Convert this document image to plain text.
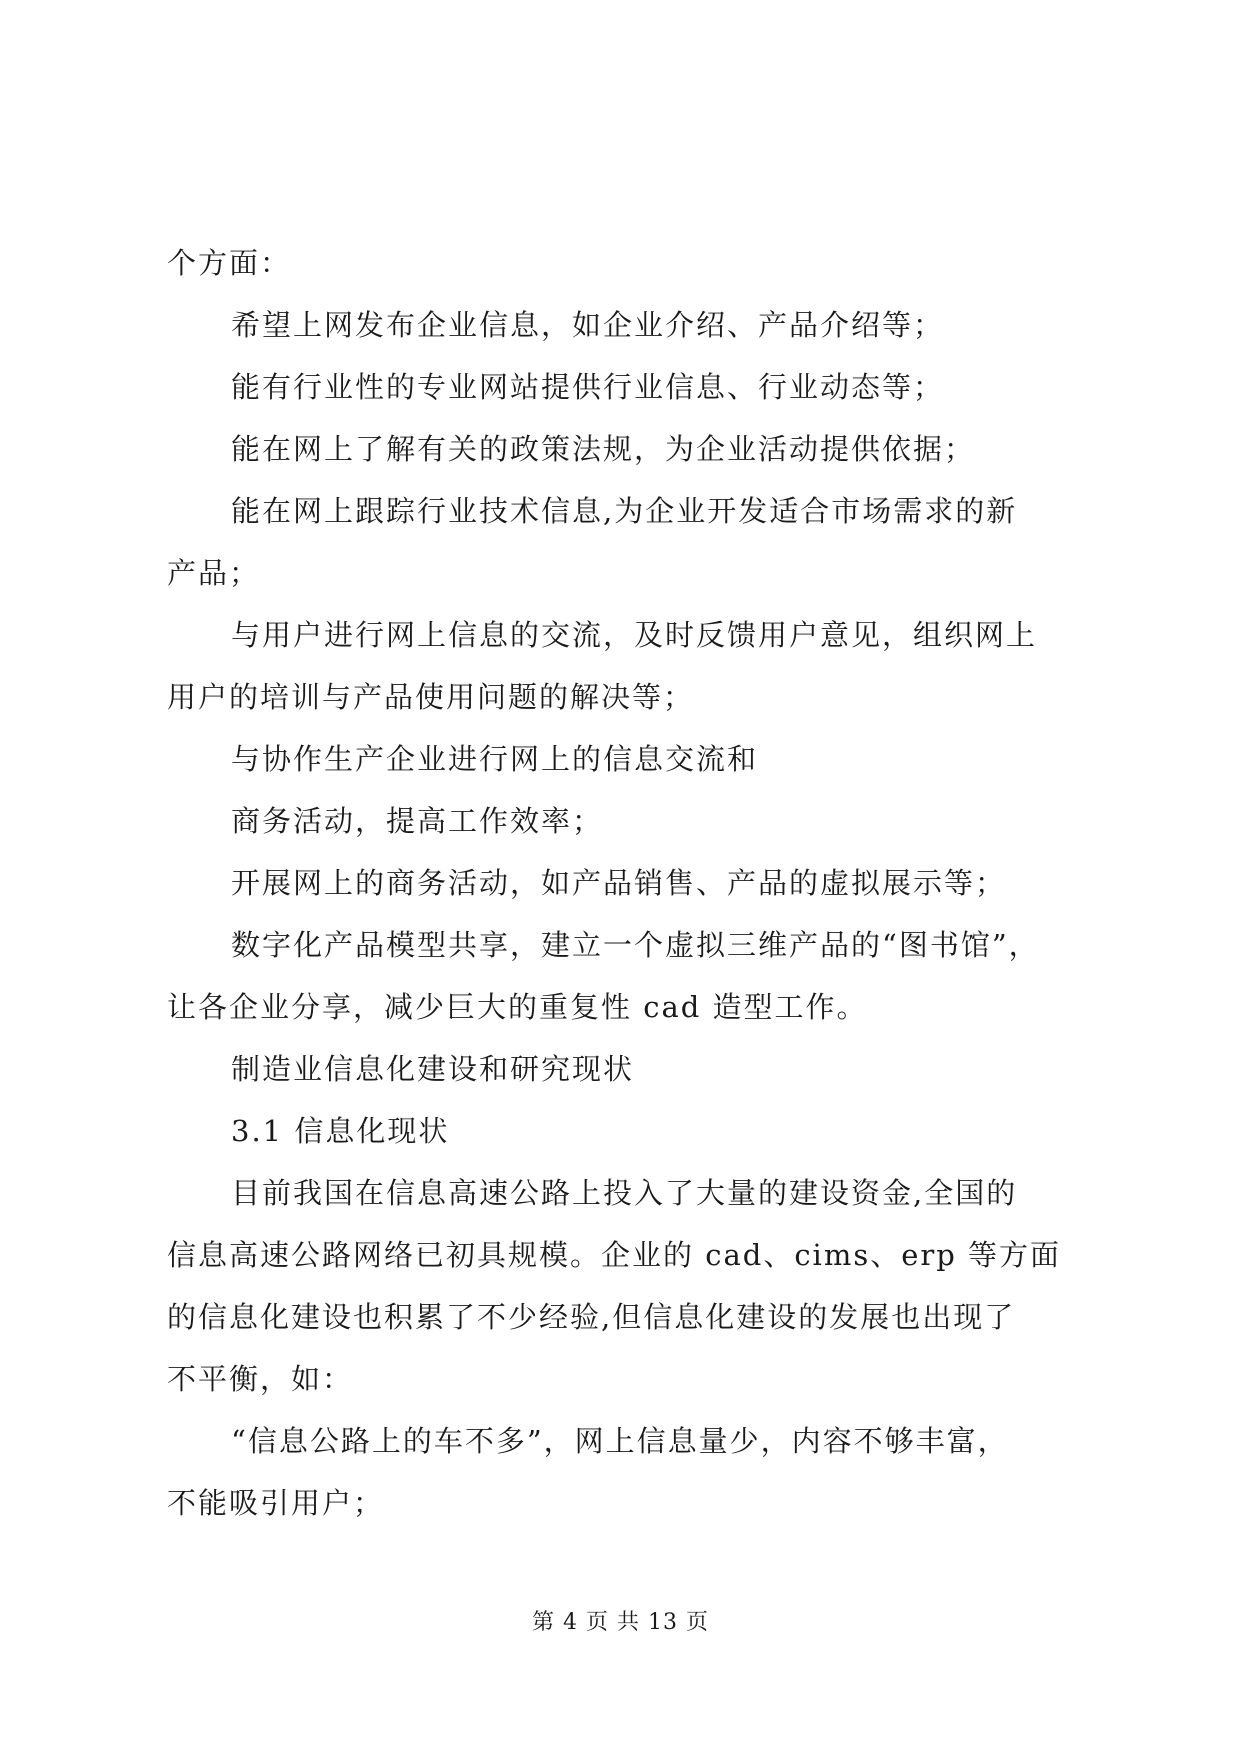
个方面：
希望上网发布企业信息，如企业介绍、产品介绍等；
能有行业性的专业网站提供行业信息、行业动态等；
能在网上了解有关的政策法规，为企业活动提供依据；
能在网上跟踪行业技术信息,为企业开发适合市场需求的新
产品；
与用户进行网上信息的交流，及时反馈用户意见，组织网上
用户的培训与产品使用问题的解决等；
与协作生产企业进行网上的信息交流和
商务活动，提高工作效率；
开展网上的商务活动，如产品销售、产品的虚拟展示等；
数字化产品模型共享，建立一个虚拟三维产品的“图书馆”，
让各企业分享，减少巨大的重复性 cad 造型工作。
制造业信息化建设和研究现状
3.1 信息化现状
目前我国在信息高速公路上投入了大量的建设资金,全国的
信息高速公路网络已初具规模。企业的 cad、cims、erp 等方面
的信息化建设也积累了不少经验,但信息化建设的发展也出现了
不平衡，如：
“信息公路上的车不多”，网上信息量少，内容不够丰富，
不能吸引用户；
第 4 页 共 13 页
